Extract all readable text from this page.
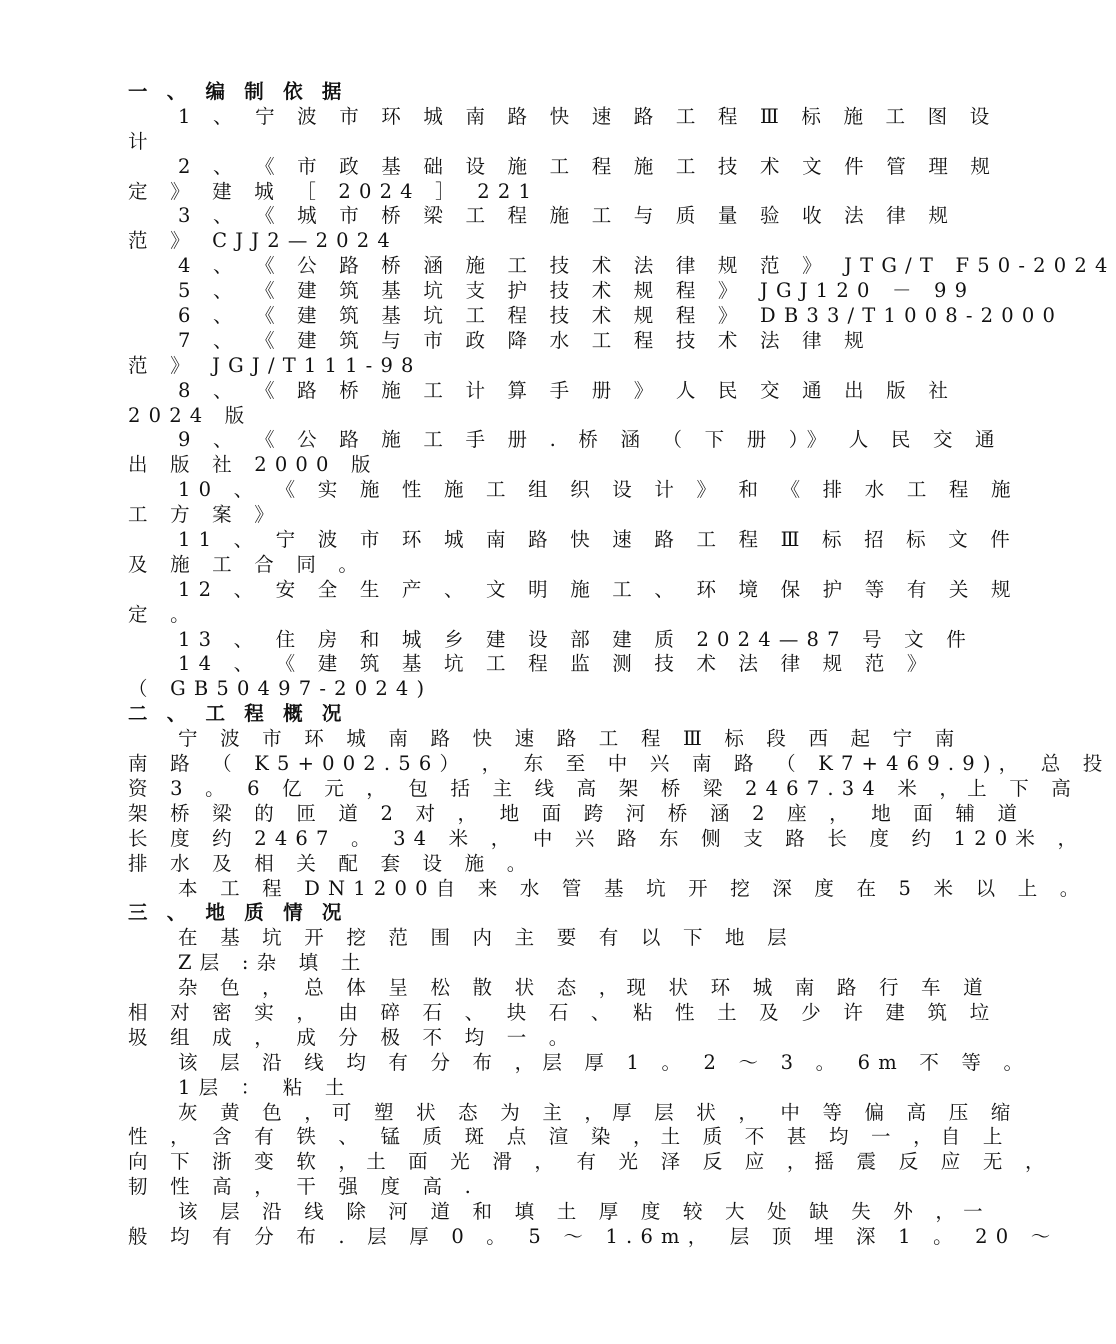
一 、 编 制 依 据
1 、 宁 波 市 环 城 南 路 快 速 路 工 程 Ⅲ 标 施 工 图 设
计
2 、 《 市 政 基 础 设 施 工 程 施 工 技 术 文 件 管 理 规
定 》 建 城 ［ 2024 ］ 221
3 、 《 城 市 桥 梁 工 程 施 工 与 质 量 验 收 法 律 规
范 》 CJJ2—2024
4 、 《 公 路 桥 涵 施 工 技 术 法 律 规 范 》 JTG/T F50-2024
5 、 《 建 筑 基 坑 支 护 技 术 规 程 》 JGJ120 － 99
6 、 《 建 筑 基 坑 工 程 技 术 规 程 》 DB33/T1008-2000
7 、 《 建 筑 与 市 政 降 水 工 程 技 术 法 律 规
范 》 JGJ/T111-98
8 、 《 路 桥 施 工 计 算 手 册 》 人 民 交 通 出 版 社
2024 版
9 、 《 公 路 施 工 手 册 . 桥 涵 （ 下 册 ）》 人 民 交 通
出 版 社 2000 版
10 、 《 实 施 性 施 工 组 织 设 计 》 和 《 排 水 工 程 施
工 方 案 》
11 、 宁 波 市 环 城 南 路 快 速 路 工 程 Ⅲ 标 招 标 文 件
及 施 工 合 同 。
12 、 安 全 生 产 、 文 明 施 工 、 环 境 保 护 等 有 关 规
定 。
13 、 住 房 和 城 乡 建 设 部 建 质 2024—87 号 文 件
14 、 《 建 筑 基 坑 工 程 监 测 技 术 法 律 规 范 》
（ GB50497-2024)
二 、 工 程 概 况
宁 波 市 环 城 南 路 快 速 路 工 程 Ⅲ 标 段 西 起 宁 南
南 路 （ K5+002.56） ， 东 至 中 兴 南 路 （ K7+469.9)， 总 投
资 3 。 6 亿 元 ， 包 括 主 线 高 架 桥 梁 2467.34 米 ，上 下 高
架 桥 梁 的 匝 道 2 对 ， 地 面 跨 河 桥 涵 2 座 ， 地 面 辅 道
长 度 约 2467 。 34 米 ， 中 兴 路 东 侧 支 路 长 度 约 120米 ，
排 水 及 相 关 配 套 设 施 。
本 工 程 DN1200自 来 水 管 基 坑 开 挖 深 度 在 5 米 以 上 。
三 、 地 质 情 况
在 基 坑 开 挖 范 围 内 主 要 有 以 下 地 层
Z层 :杂 填 土
杂 色 ， 总 体 呈 松 散 状 态 ，现 状 环 城 南 路 行 车 道
相 对 密 实 ， 由 碎 石 、 块 石 、 粘 性 土 及 少 许 建 筑 垃
圾 组 成 ， 成 分 极 不 均 一 。
该 层 沿 线 均 有 分 布 ，层 厚 1 。 2 ～ 3 。 6m 不 等 。
1层 ： 粘 土
灰 黄 色 ，可 塑 状 态 为 主 ，厚 层 状 ， 中 等 偏 高 压 缩
性 ， 含 有 铁 、 锰 质 斑 点 渲 染 ，土 质 不 甚 均 一 ，自 上
向 下 浙 变 软 ，土 面 光 滑 ， 有 光 泽 反 应 ，摇 震 反 应 无 ，
韧 性 高 ， 干 强 度 高 .
该 层 沿 线 除 河 道 和 填 土 厚 度 较 大 处 缺 失 外 ，一
般 均 有 分 布 . 层 厚 0 。 5 ～ 1.6m， 层 顶 埋 深 1 。 20 ～
